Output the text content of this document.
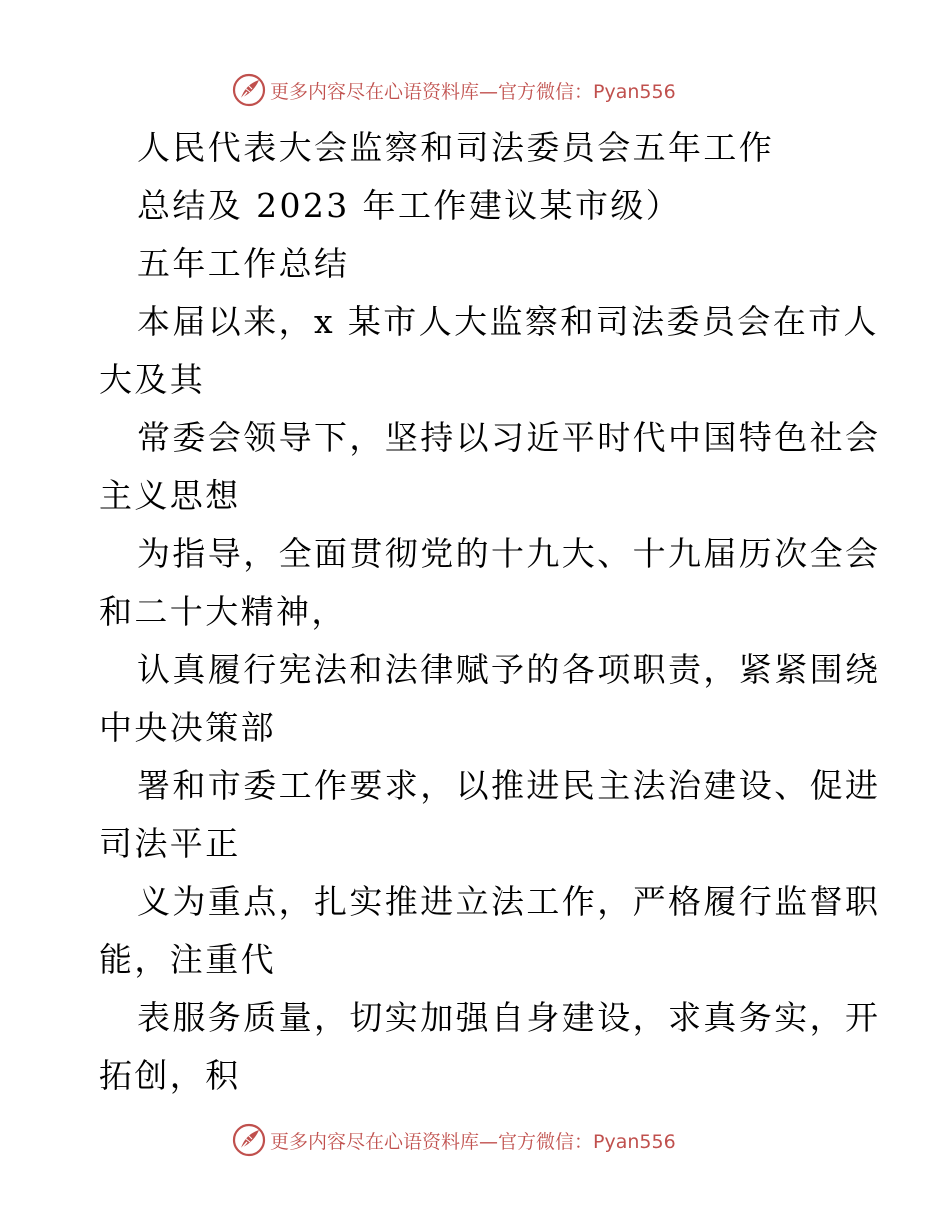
更多内容尽在心语资料库—官方微信：Pyan556
人民代表大会监察和司法委员会五年工作
总结及 2023 年工作建议某市级）
五年工作总结
本届以来，x 某市人大监察和司法委员会在市人
大及其
常委会领导下，坚持以习近平时代中国特色社会
主义思想
为指导，全面贯彻党的十九大、十九届历次全会
和二十大精神，
认真履行宪法和法律赋予的各项职责，紧紧围绕
中央决策部
署和市委工作要求，以推进民主法治建设、促进
司法平正
义为重点，扎实推进立法工作，严格履行监督职
能，注重代
表服务质量，切实加强自身建设，求真务实，开
拓创，积
更多内容尽在心语资料库—官方微信：Pyan556
